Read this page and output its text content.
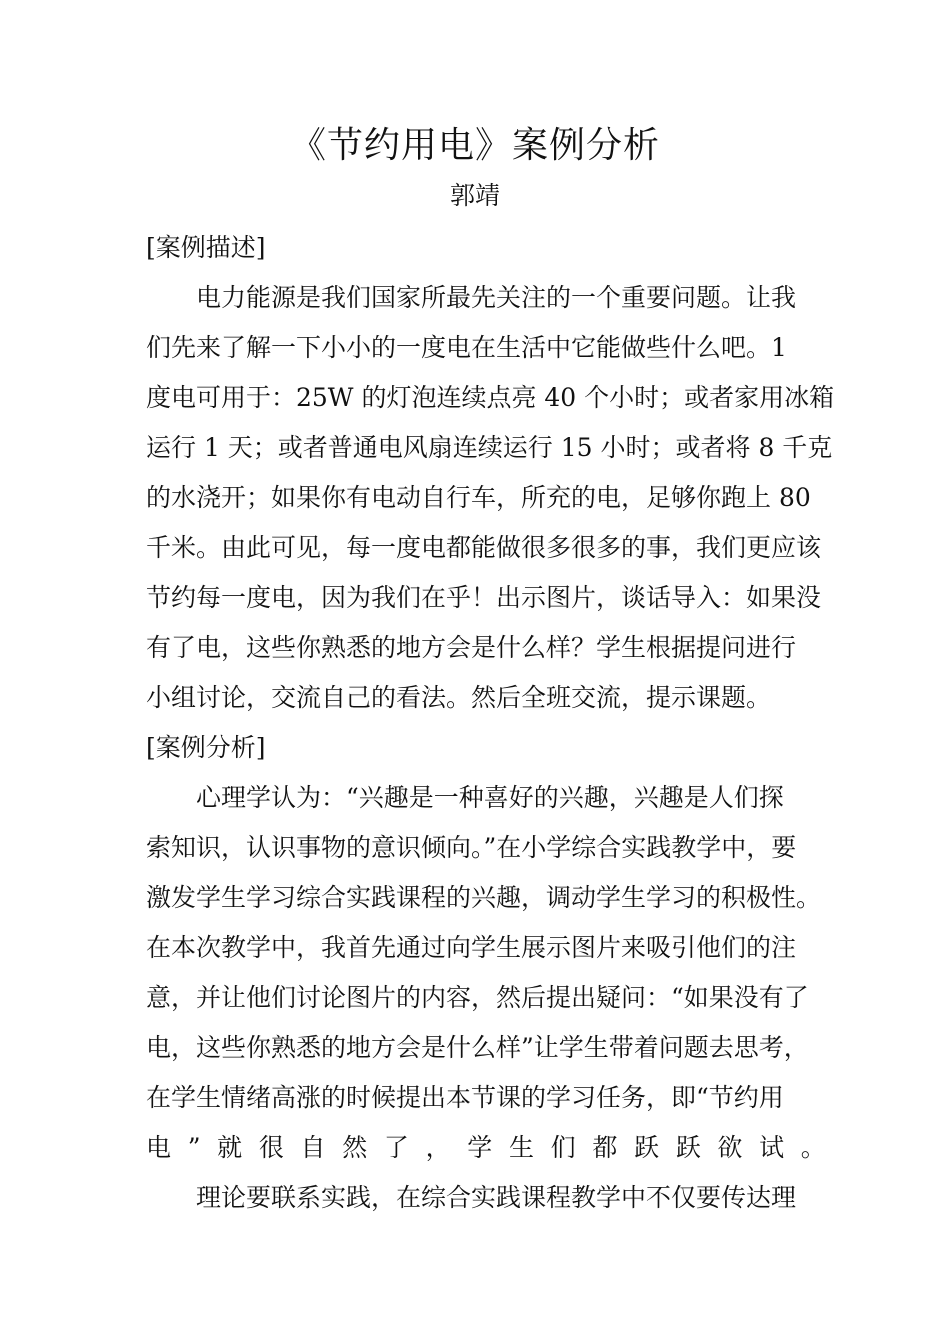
《节约用电》案例分析
郭靖
[案例描述]
电力能源是我们国家所最先关注的一个重要问题。让我
们先来了解一下小小的一度电在生活中它能做些什么吧。1
度电可用于：25W 的灯泡连续点亮 40 个小时；或者家用冰箱
运行 1 天；或者普通电风扇连续运行 15 小时；或者将 8 千克
的水浇开；如果你有电动自行车，所充的电，足够你跑上 80
千米。由此可见，每一度电都能做很多很多的事，我们更应该
节约每一度电，因为我们在乎！出示图片，谈话导入：如果没
有了电，这些你熟悉的地方会是什么样？学生根据提问进行
小组讨论，交流自己的看法。然后全班交流，提示课题。
[案例分析]
心理学认为：“兴趣是一种喜好的兴趣，兴趣是人们探
索知识，认识事物的意识倾向。”在小学综合实践教学中，要
激发学生学习综合实践课程的兴趣，调动学生学习的积极性。
在本次教学中，我首先通过向学生展示图片来吸引他们的注
意，并让他们讨论图片的内容，然后提出疑问：“如果没有了
电，这些你熟悉的地方会是什么样”让学生带着问题去思考，
在学生情绪高涨的时候提出本节课的学习任务，即“节约用
电 ” 就 很 自 然 了 ， 学 生 们 都 跃 跃 欲 试 。
理论要联系实践，在综合实践课程教学中不仅要传达理
